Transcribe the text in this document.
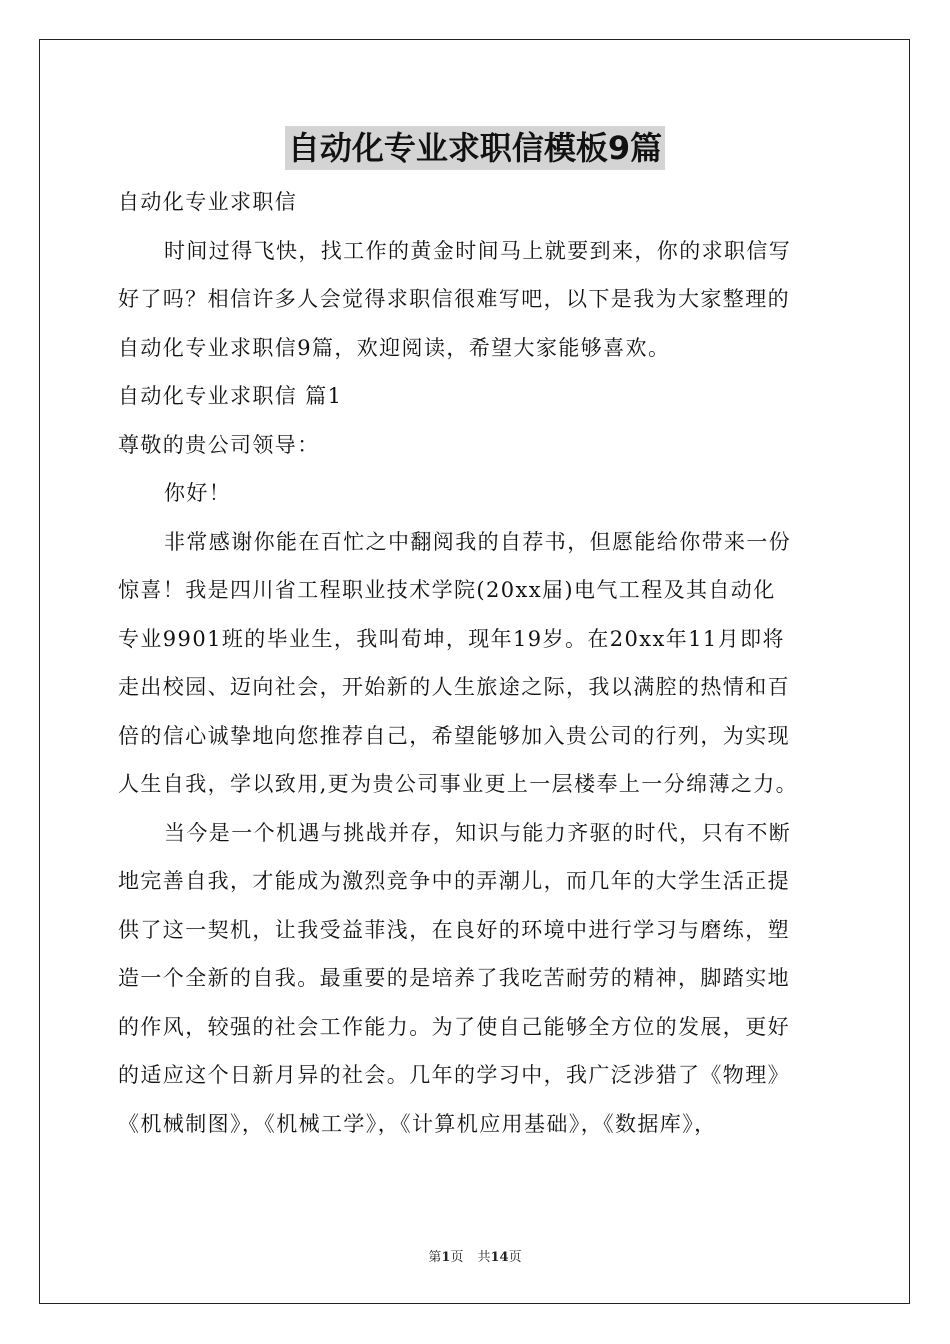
自动化专业求职信模板9篇
自动化专业求职信
时间过得飞快，找工作的黄金时间马上就要到来，你的求职信写
好了吗？相信许多人会觉得求职信很难写吧，以下是我为大家整理的
自动化专业求职信9篇，欢迎阅读，希望大家能够喜欢。
自动化专业求职信 篇1
尊敬的贵公司领导：
你好！
非常感谢你能在百忙之中翻阅我的自荐书，但愿能给你带来一份
惊喜！我是四川省工程职业技术学院(20xx届)电气工程及其自动化
专业9901班的毕业生，我叫荀坤，现年19岁。在20xx年11月即将
走出校园、迈向社会，开始新的人生旅途之际，我以满腔的热情和百
倍的信心诚挚地向您推荐自己，希望能够加入贵公司的行列，为实现
人生自我，学以致用,更为贵公司事业更上一层楼奉上一分绵薄之力。
当今是一个机遇与挑战并存，知识与能力齐驱的时代，只有不断
地完善自我，才能成为激烈竞争中的弄潮儿，而几年的大学生活正提
供了这一契机，让我受益菲浅，在良好的环境中进行学习与磨练，塑
造一个全新的自我。最重要的是培养了我吃苦耐劳的精神，脚踏实地
的作风，较强的社会工作能力。为了使自己能够全方位的发展，更好
的适应这个日新月异的社会。几年的学习中，我广泛涉猎了《物理》
《机械制图》，《机械工学》，《计算机应用基础》，《数据库》，
第1页 共14页
